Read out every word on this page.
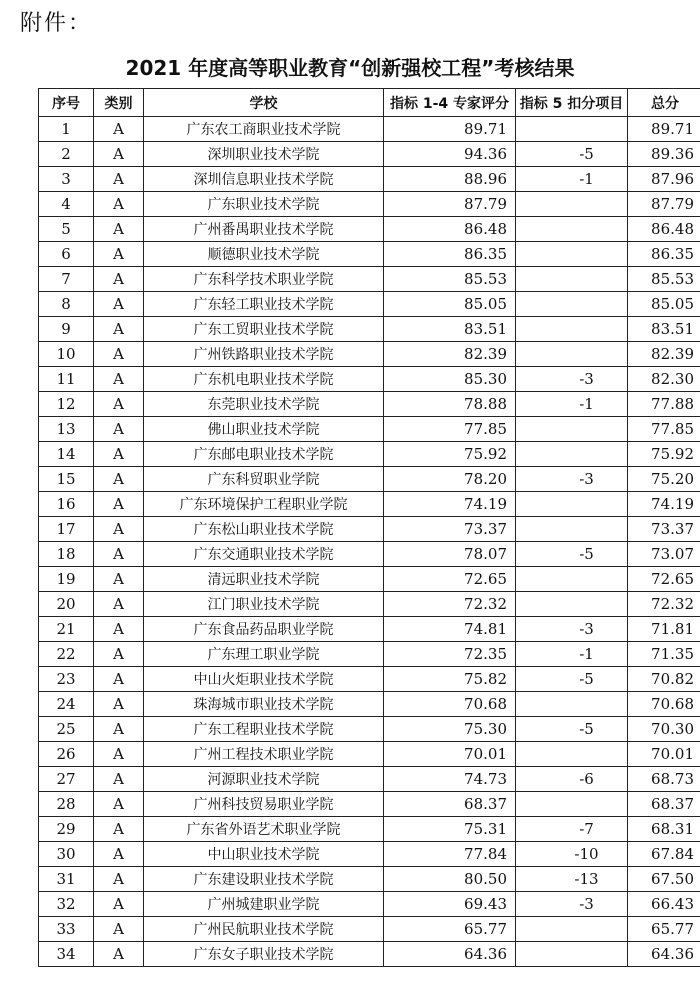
附件：
2021 年度高等职业教育“创新强校工程”考核结果
序号	类别	学校	指标 1-4 专家评分	指标 5 扣分项目	总分
1	A	广东农工商职业技术学院	89.71		89.71
2	A	深圳职业技术学院	94.36	-5	89.36
3	A	深圳信息职业技术学院	88.96	-1	87.96
4	A	广东职业技术学院	87.79		87.79
5	A	广州番禺职业技术学院	86.48		86.48
6	A	顺德职业技术学院	86.35		86.35
7	A	广东科学技术职业学院	85.53		85.53
8	A	广东轻工职业技术学院	85.05		85.05
9	A	广东工贸职业技术学院	83.51		83.51
10	A	广州铁路职业技术学院	82.39		82.39
11	A	广东机电职业技术学院	85.30	-3	82.30
12	A	东莞职业技术学院	78.88	-1	77.88
13	A	佛山职业技术学院	77.85		77.85
14	A	广东邮电职业技术学院	75.92		75.92
15	A	广东科贸职业学院	78.20	-3	75.20
16	A	广东环境保护工程职业学院	74.19		74.19
17	A	广东松山职业技术学院	73.37		73.37
18	A	广东交通职业技术学院	78.07	-5	73.07
19	A	清远职业技术学院	72.65		72.65
20	A	江门职业技术学院	72.32		72.32
21	A	广东食品药品职业学院	74.81	-3	71.81
22	A	广东理工职业学院	72.35	-1	71.35
23	A	中山火炬职业技术学院	75.82	-5	70.82
24	A	珠海城市职业技术学院	70.68		70.68
25	A	广东工程职业技术学院	75.30	-5	70.30
26	A	广州工程技术职业学院	70.01		70.01
27	A	河源职业技术学院	74.73	-6	68.73
28	A	广州科技贸易职业学院	68.37		68.37
29	A	广东省外语艺术职业学院	75.31	-7	68.31
30	A	中山职业技术学院	77.84	-10	67.84
31	A	广东建设职业技术学院	80.50	-13	67.50
32	A	广州城建职业学院	69.43	-3	66.43
33	A	广州民航职业技术学院	65.77		65.77
34	A	广东女子职业技术学院	64.36		64.36
